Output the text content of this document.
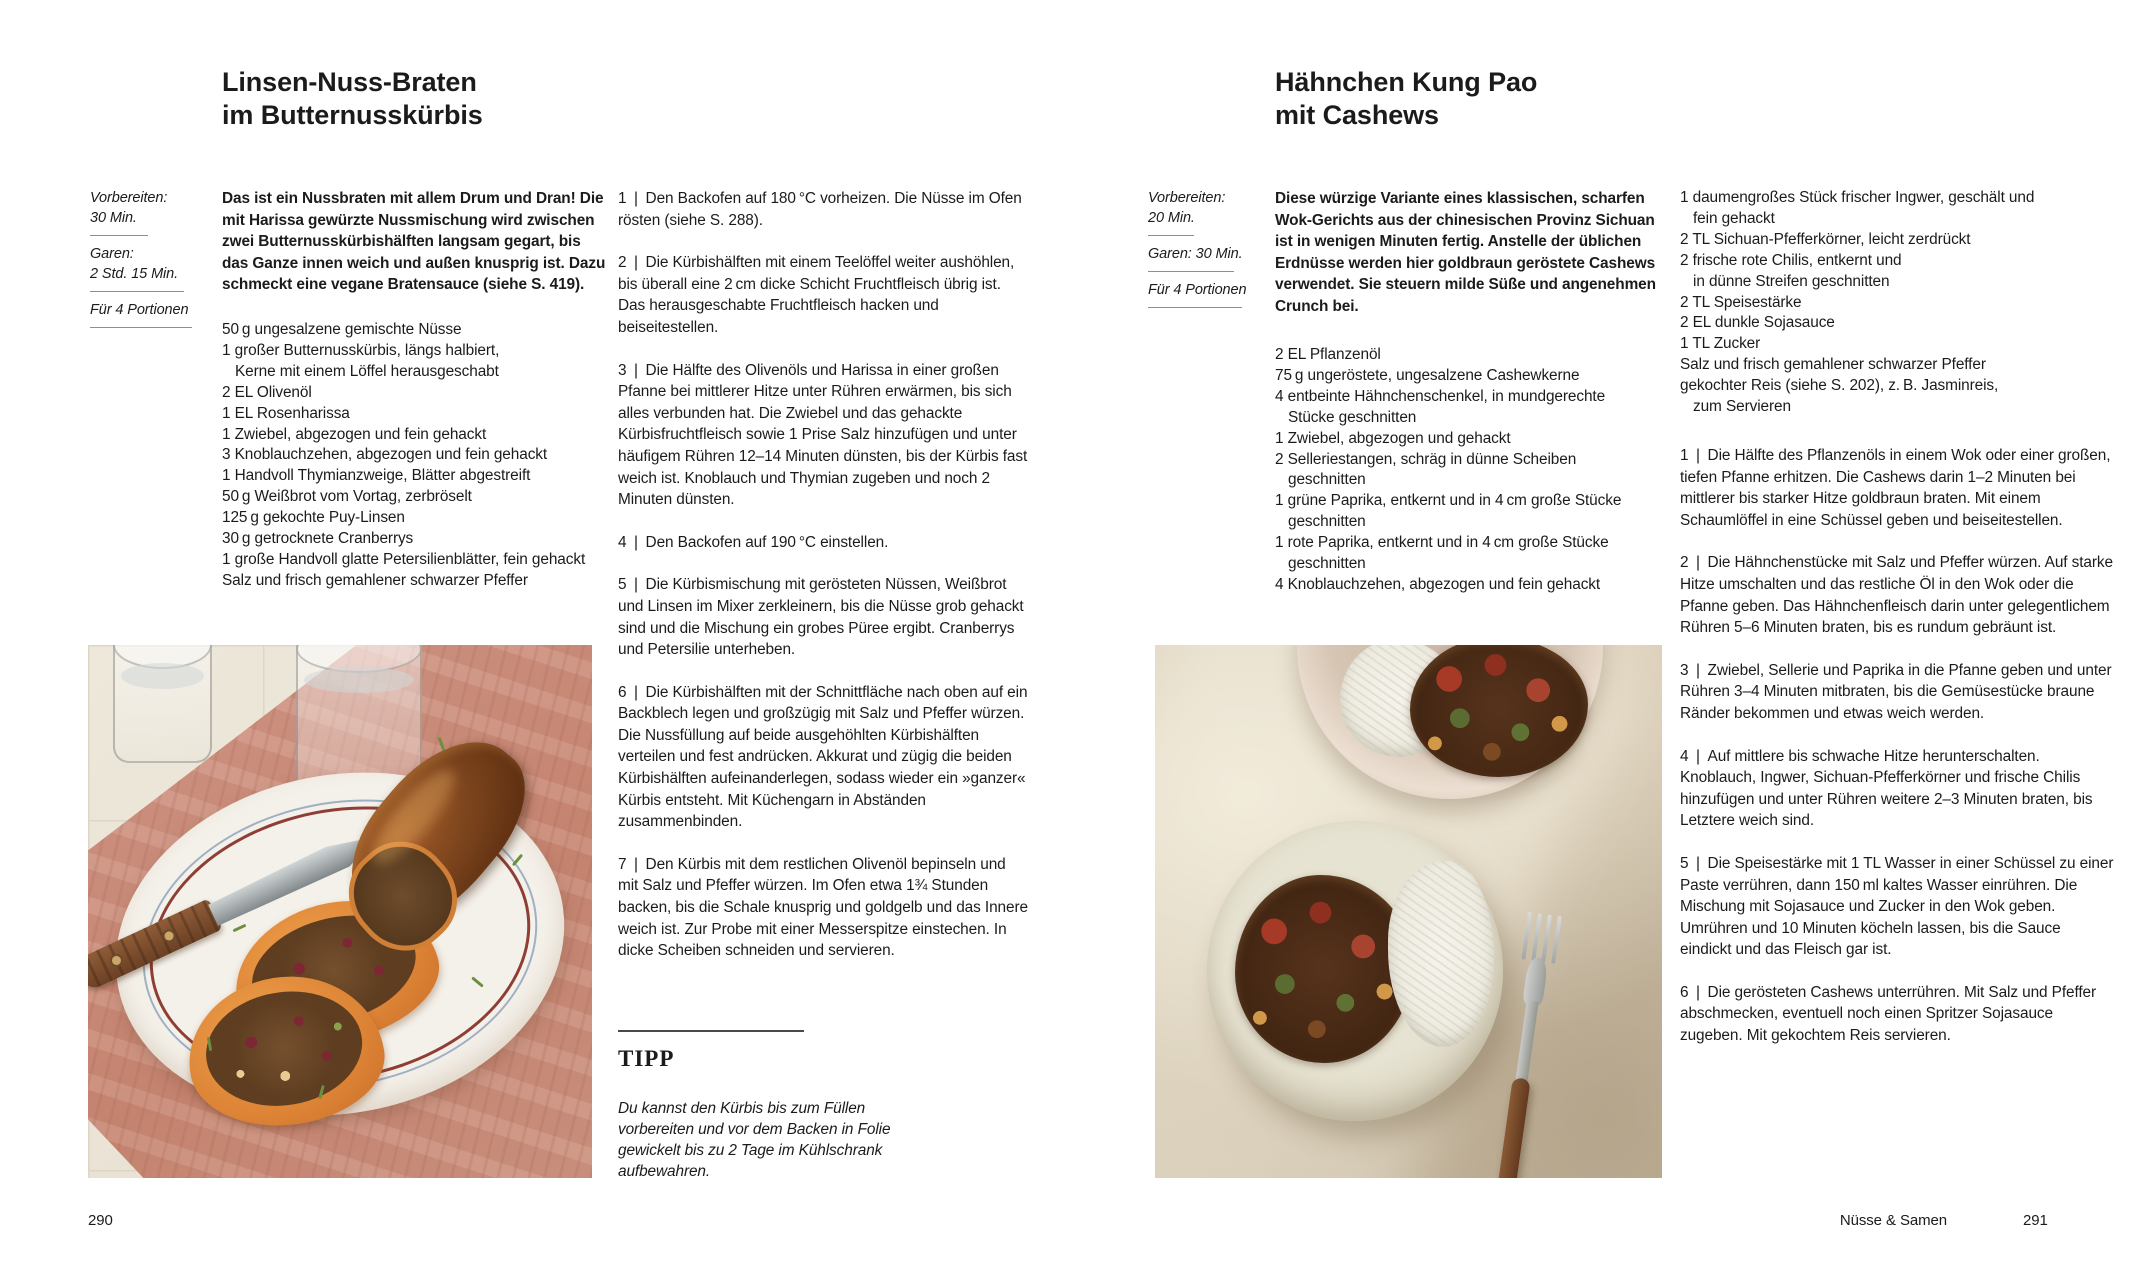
Linsen-Nuss-Braten
im Butternusskürbis
Vorbereiten:
30 Min.
Garen:
2 Std. 15 Min.
Für 4 Portionen
Das ist ein Nussbraten mit allem Drum und Dran! Die mit Harissa gewürzte Nussmischung wird zwischen zwei Butternusskürbishälften langsam gegart, bis das Ganze innen weich und außen knusprig ist. Dazu schmeckt eine vegane Bratensauce (siehe S. 419).
50 g ungesalzene gemischte Nüsse
1 großer Butternusskürbis, längs halbiert,
Kerne mit einem Löffel herausgeschabt
2 EL Olivenöl
1 EL Rosenharissa
1 Zwiebel, abgezogen und fein gehackt
3 Knoblauchzehen, abgezogen und fein gehackt
1 Handvoll Thymianzweige, Blätter abgestreift
50 g Weißbrot vom Vortag, zerbröselt
125 g gekochte Puy-Linsen
30 g getrocknete Cranberrys
1 große Handvoll glatte Petersilienblätter, fein gehackt
Salz und frisch gemahlener schwarzer Pfeffer

1 | Den Backofen auf 180 °C vorheizen. Die Nüsse im Ofen rösten (siehe S. 288).

2 | Die Kürbishälften mit einem Teelöffel weiter aushöhlen, bis überall eine 2 cm dicke Schicht Fruchtfleisch übrig ist. Das herausgeschabte Fruchtfleisch hacken und beiseitestellen.

3 | Die Hälfte des Olivenöls und Harissa in einer großen Pfanne bei mittlerer Hitze unter Rühren erwärmen, bis sich alles verbunden hat. Die Zwiebel und das gehackte Kürbisfruchtfleisch sowie 1 Prise Salz hinzufügen und unter häufigem Rühren 12–14 Minuten dünsten, bis der Kürbis fast weich ist. Knoblauch und Thymian zugeben und noch 2 Minuten dünsten.

4 | Den Backofen auf 190 °C einstellen.

5 | Die Kürbismischung mit gerösteten Nüssen, Weißbrot und Linsen im Mixer zerkleinern, bis die Nüsse grob gehackt sind und die Mischung ein grobes Püree ergibt. Cranberrys und Petersilie unterheben.

6 | Die Kürbishälften mit der Schnittfläche nach oben auf ein Backblech legen und großzügig mit Salz und Pfeffer würzen. Die Nussfüllung auf beide ausgehöhlten Kürbishälften verteilen und fest andrücken. Akkurat und zügig die beiden Kürbishälften aufeinanderlegen, sodass wieder ein »ganzer« Kürbis entsteht. Mit Küchengarn in Abständen zusammenbinden.

7 | Den Kürbis mit dem restlichen Olivenöl bepinseln und mit Salz und Pfeffer würzen. Im Ofen etwa 1¾ Stunden backen, bis die Schale knusprig und goldgelb und das Innere weich ist. Zur Probe mit einer Messerspitze einstechen. In dicke Scheiben schneiden und servieren.

TIPP
Du kannst den Kürbis bis zum Füllen vorbereiten und vor dem Backen in Folie gewickelt bis zu 2 Tage im Kühlschrank aufbewahren.
290
Hähnchen Kung Pao
mit Cashews
Vorbereiten:
20 Min.
Garen: 30 Min.
Für 4 Portionen
Diese würzige Variante eines klassischen, scharfen Wok-Gerichts aus der chinesischen Provinz Sichuan ist in wenigen Minuten fertig. Anstelle der üblichen Erdnüsse werden hier goldbraun geröstete Cashews verwendet. Sie steuern milde Süße und angenehmen Crunch bei.
2 EL Pflanzenöl
75 g ungeröstete, ungesalzene Cashewkerne
4 entbeinte Hähnchenschenkel, in mundgerechte
Stücke geschnitten
1 Zwiebel, abgezogen und gehackt
2 Selleriestangen, schräg in dünne Scheiben
geschnitten
1 grüne Paprika, entkernt und in 4 cm große Stücke
geschnitten
1 rote Paprika, entkernt und in 4 cm große Stücke
geschnitten
4 Knoblauchzehen, abgezogen und fein gehackt
1 daumengroßes Stück frischer Ingwer, geschält und
fein gehackt
2 TL Sichuan-Pfefferkörner, leicht zerdrückt
2 frische rote Chilis, entkernt und
in dünne Streifen geschnitten
2 TL Speisestärke
2 EL dunkle Sojasauce
1 TL Zucker
Salz und frisch gemahlener schwarzer Pfeffer
gekochter Reis (siehe S. 202), z. B. Jasminreis,
zum Servieren

1 | Die Hälfte des Pflanzenöls in einem Wok oder einer großen, tiefen Pfanne erhitzen. Die Cashews darin 1–2 Minuten bei mittlerer bis starker Hitze goldbraun braten. Mit einem Schaumlöffel in eine Schüssel geben und beiseitestellen.

2 | Die Hähnchenstücke mit Salz und Pfeffer würzen. Auf starke Hitze umschalten und das restliche Öl in den Wok oder die Pfanne geben. Das Hähnchenfleisch darin unter gelegentlichem Rühren 5–6 Minuten braten, bis es rundum gebräunt ist.

3 | Zwiebel, Sellerie und Paprika in die Pfanne geben und unter Rühren 3–4 Minuten mitbraten, bis die Gemüsestücke braune Ränder bekommen und etwas weich werden.

4 | Auf mittlere bis schwache Hitze herunterschalten. Knoblauch, Ingwer, Sichuan-Pfefferkörner und frische Chilis hinzufügen und unter Rühren weitere 2–3 Minuten braten, bis Letztere weich sind.

5 | Die Speisestärke mit 1 TL Wasser in einer Schüssel zu einer Paste verrühren, dann 150 ml kaltes Wasser einrühren. Die Mischung mit Sojasauce und Zucker in den Wok geben. Umrühren und 10 Minuten köcheln lassen, bis die Sauce eindickt und das Fleisch gar ist.

6 | Die gerösteten Cashews unterrühren. Mit Salz und Pfeffer abschmecken, eventuell noch einen Spritzer Sojasauce zugeben. Mit gekochtem Reis servieren.

Nüsse & Samen	291
